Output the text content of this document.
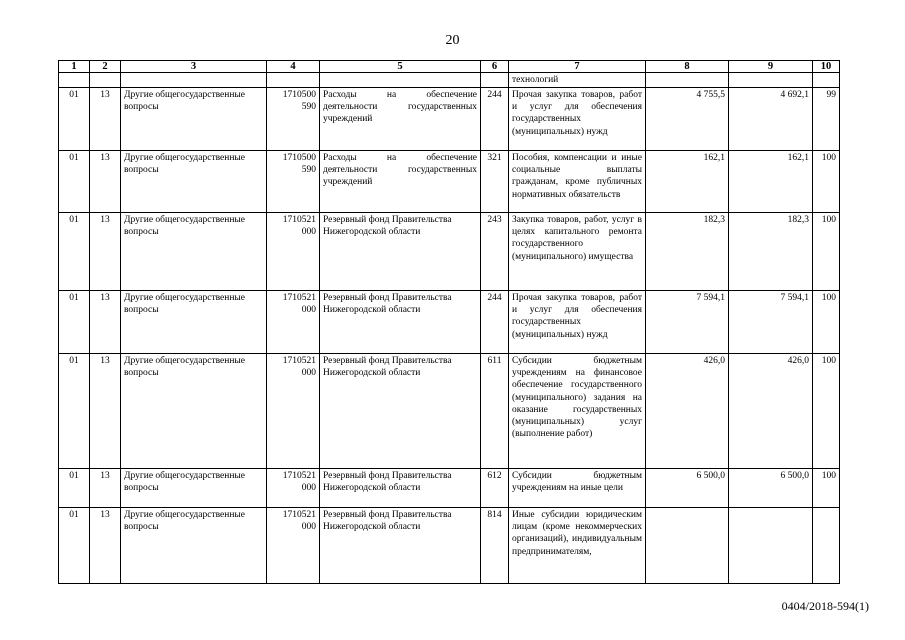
20
1	2	3	4	5	6	7	8	9	10
						технологий			
01	13	Другие общегосударственные вопросы	1710500 590	Расходы на обеспечение деятельности государственных учреждений	244	Прочая закупка товаров, работ и услуг для обеспечения государственных (муниципальных) нужд	4 755,5	4 692,1	99
01	13	Другие общегосударственные вопросы	1710500 590	Расходы на обеспечение деятельности государственных учреждений	321	Пособия, компенсации и иные социальные выплаты гражданам, кроме публичных нормативных обязательств	162,1	162,1	100
01	13	Другие общегосударственные вопросы	1710521 000	Резервный фонд Правительства Нижегородской области	243	Закупка товаров, работ, услуг в целях капитального ремонта государственного (муниципального) имущества	182,3	182,3	100
01	13	Другие общегосударственные вопросы	1710521 000	Резервный фонд Правительства Нижегородской области	244	Прочая закупка товаров, работ и услуг для обеспечения государственных (муниципальных) нужд	7 594,1	7 594,1	100
01	13	Другие общегосударственные вопросы	1710521 000	Резервный фонд Правительства Нижегородской области	611	Субсидии бюджетным учреждениям на финансовое обеспечение государственного (муниципального) задания на оказание государственных (муниципальных) услуг (выполнение работ)	426,0	426,0	100
01	13	Другие общегосударственные вопросы	1710521 000	Резервный фонд Правительства Нижегородской области	612	Субсидии бюджетным учреждениям на иные цели	6 500,0	6 500,0	100
01	13	Другие общегосударственные вопросы	1710521 000	Резервный фонд Правительства Нижегородской области	814	Иные субсидии юридическим лицам (кроме некоммерческих организаций), индивидуальным предпринимателям,			
0404/2018-594(1)
